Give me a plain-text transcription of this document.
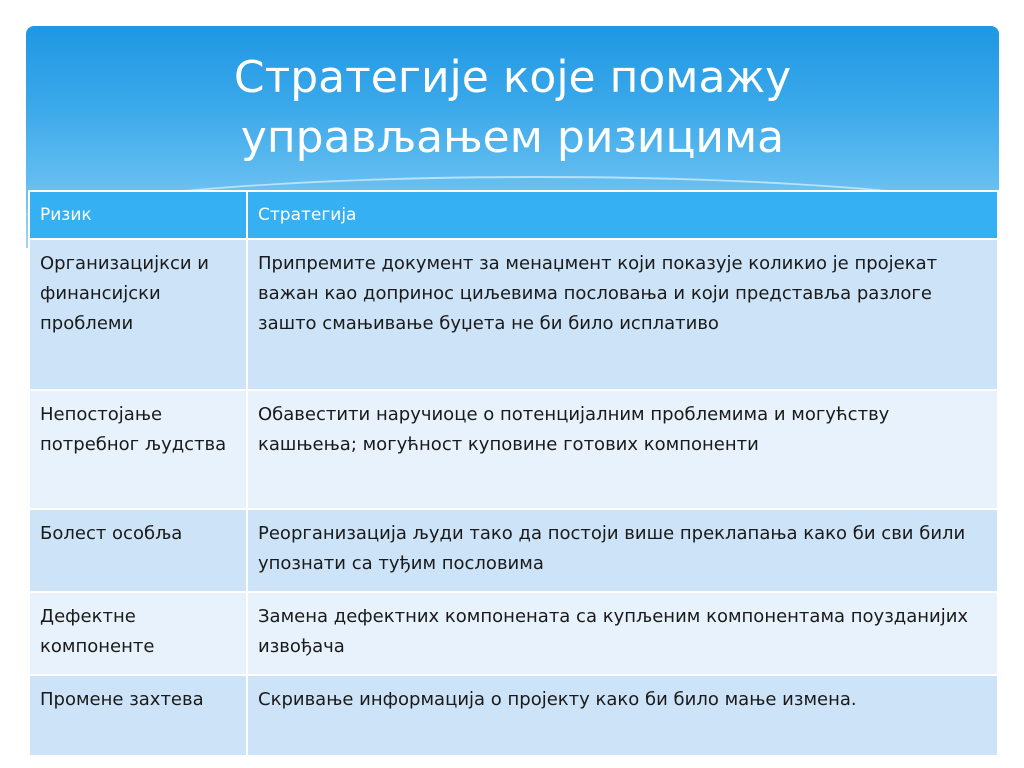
Стратегије које помажу
управљањем ризицима
Ризик	Стратегија
Организацијкси и финансијски проблеми	Припремите документ за менаџмент који показује коликио је пројекат важан као допринос циљевима пословања и који представља разлоге зашто смањивање буџета не би било исплативо
Непостојање потребног људства	Обавестити наручиоце о потенцијалним проблемима и могућству кашњења; могућност куповине готових компоненти
Болест особља	Реорганизација људи тако да постоји више преклапања како би сви били упознати са туђим пословима
Дефектне компоненте	Замена дефектних компонената са купљеним компонентама поузданијих извођача
Промене захтева	Скривање информација о пројекту како би било мање измена.
